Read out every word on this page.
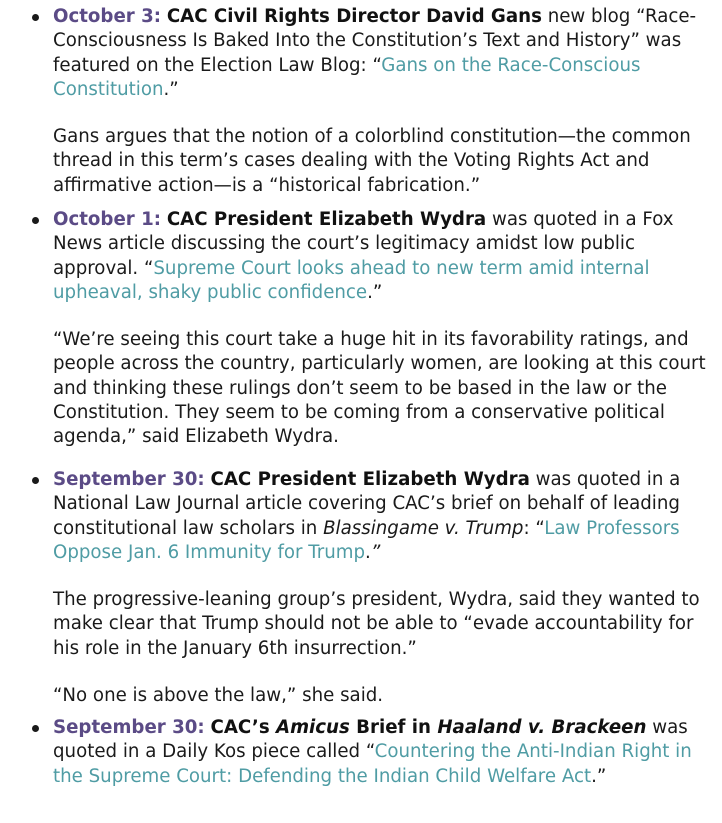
October 3: CAC Civil Rights Director David Gans new blog “Race-Consciousness Is Baked Into the Constitution’s Text and History” was featured on the Election Law Blog: “Gans on the Race-Conscious Constitution.”

Gans argues that the notion of a colorblind constitution—the common thread in this term’s cases dealing with the Voting Rights Act and affirmative action—is a “historical fabrication.”

October 1: CAC President Elizabeth Wydra was quoted in a Fox News article discussing the court’s legitimacy amidst low public approval. “Supreme Court looks ahead to new term amid internal upheaval, shaky public confidence.”

“We’re seeing this court take a huge hit in its favorability ratings, and people across the country, particularly women, are looking at this court and thinking these rulings don’t seem to be based in the law or the Constitution. They seem to be coming from a conservative political agenda,” said Elizabeth Wydra.

September 30: CAC President Elizabeth Wydra was quoted in a National Law Journal article covering CAC’s brief on behalf of leading constitutional law scholars in Blassingame v. Trump: “Law Professors Oppose Jan. 6 Immunity for Trump.”

The progressive-leaning group’s president, Wydra, said they wanted to make clear that Trump should not be able to “evade accountability for his role in the January 6th insurrection.”

“No one is above the law,” she said.

September 30: CAC’s Amicus Brief in Haaland v. Brackeen was quoted in a Daily Kos piece called “Countering the Anti-Indian Right in the Supreme Court: Defending the Indian Child Welfare Act.”
